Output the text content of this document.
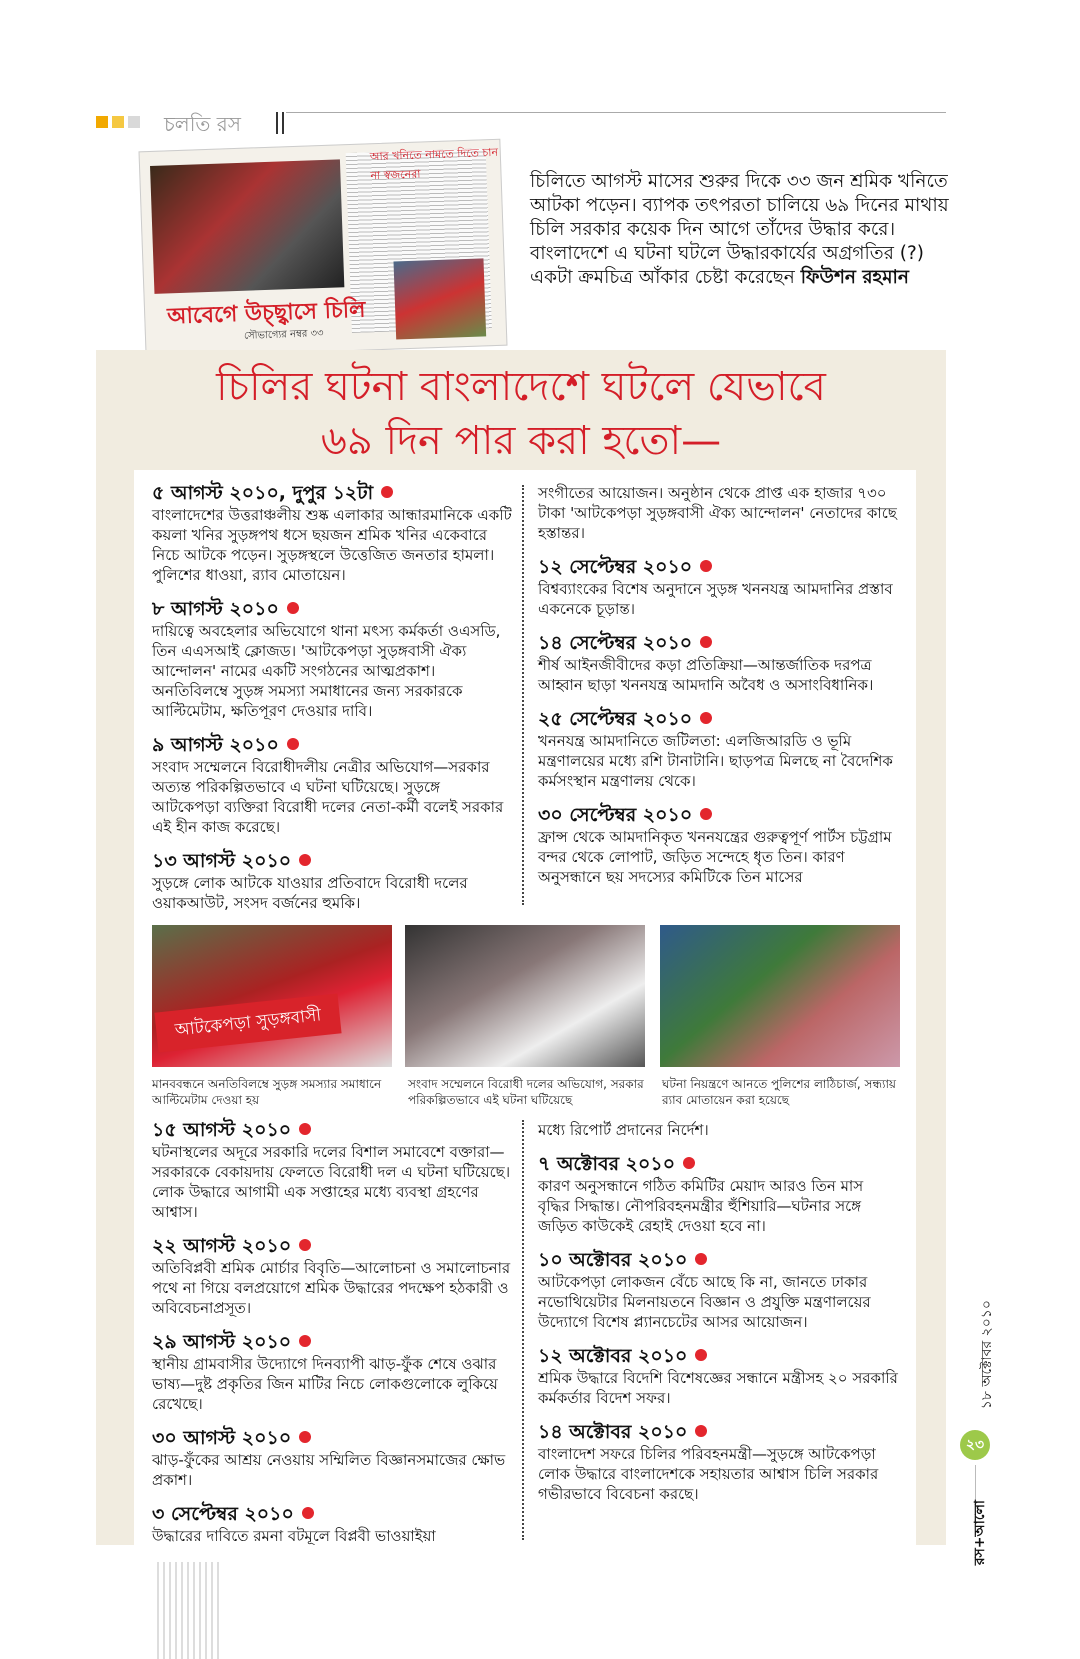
চলতি রস
আর খনিতে নামতে দিতে চান না স্বজনেরা
আবেগে উচ্ছ্বাসে চিলি
সৌভাগ্যের নম্বর ৩৩
চিলিতে আগস্ট মাসের শুরুর দিকে ৩৩ জন শ্রমিক খনিতে আটকা পড়েন। ব্যাপক তৎপরতা চালিয়ে ৬৯ দিনের মাথায় চিলি সরকার কয়েক দিন আগে তাঁদের উদ্ধার করে। বাংলাদেশে এ ঘটনা ঘটলে উদ্ধারকার্যের অগ্রগতির (?) একটা ক্রমচিত্র আঁকার চেষ্টা করেছেন ফিউশন রহমান
চিলির ঘটনা বাংলাদেশে ঘটলে যেভাবে
৬৯ দিন পার করা হতো—
৫ আগস্ট ২০১০, দুপুর ১২টা
বাংলাদেশের উত্তরাঞ্চলীয় শুষ্ক এলাকার আন্ধারমানিকে একটি কয়লা খনির সুড়ঙ্গপথ ধসে ছয়জন শ্রমিক খনির একেবারে নিচে আটকে পড়েন। সুড়ঙ্গস্থলে উত্তেজিত জনতার হামলা। পুলিশের ধাওয়া, র‌্যাব মোতায়েন।
৮ আগস্ট ২০১০
দায়িত্বে অবহেলার অভিযোগে থানা মৎস্য কর্মকর্তা ওএসডি, তিন এএসআই ক্লোজড। 'আটকেপড়া সুড়ঙ্গবাসী ঐক্য আন্দোলন' নামের একটি সংগঠনের আত্মপ্রকাশ। অনতিবিলম্বে সুড়ঙ্গ সমস্যা সমাধানের জন্য সরকারকে আল্টিমেটাম, ক্ষতিপূরণ দেওয়ার দাবি।
৯ আগস্ট ২০১০
সংবাদ সম্মেলনে বিরোধীদলীয় নেত্রীর অভিযোগ—সরকার অত্যন্ত পরিকল্পিতভাবে এ ঘটনা ঘটিয়েছে। সুড়ঙ্গে আটকেপড়া ব্যক্তিরা বিরোধী দলের নেতা-কর্মী বলেই সরকার এই হীন কাজ করেছে।
১৩ আগস্ট ২০১০
সুড়ঙ্গে লোক আটকে যাওয়ার প্রতিবাদে বিরোধী দলের ওয়াকআউট, সংসদ বর্জনের হুমকি।
সংগীতের আয়োজন। অনুষ্ঠান থেকে প্রাপ্ত এক হাজার ৭৩০ টাকা 'আটকেপড়া সুড়ঙ্গবাসী ঐক্য আন্দোলন' নেতাদের কাছে হস্তান্তর।
১২ সেপ্টেম্বর ২০১০
বিশ্বব্যাংকের বিশেষ অনুদানে সুড়ঙ্গ খননযন্ত্র আমদানির প্রস্তাব একনেকে চূড়ান্ত।
১৪ সেপ্টেম্বর ২০১০
শীর্ষ আইনজীবীদের কড়া প্রতিক্রিয়া—আন্তর্জাতিক দরপত্র আহ্বান ছাড়া খননযন্ত্র আমদানি অবৈধ ও অসাংবিধানিক।
২৫ সেপ্টেম্বর ২০১০
খননযন্ত্র আমদানিতে জটিলতা: এলজিআরডি ও ভূমি মন্ত্রণালয়ের মধ্যে রশি টানাটানি। ছাড়পত্র মিলছে না বৈদেশিক কর্মসংস্থান মন্ত্রণালয় থেকে।
৩০ সেপ্টেম্বর ২০১০
ফ্রান্স থেকে আমদানিকৃত খননযন্ত্রের গুরুত্বপূর্ণ পার্টস চট্টগ্রাম বন্দর থেকে লোপাট, জড়িত সন্দেহে ধৃত তিন। কারণ অনুসন্ধানে ছয় সদস্যের কমিটিকে তিন মাসের
আটকেপড়া সুড়ঙ্গবাসী
মানববন্ধনে অনতিবিলম্বে সুড়ঙ্গ সমস্যার সমাধানে আল্টিমেটাম দেওয়া হয়
সংবাদ সম্মেলনে বিরোধী দলের অভিযোগ, সরকার পরিকল্পিতভাবে এই ঘটনা ঘটিয়েছে
ঘটনা নিয়ন্ত্রণে আনতে পুলিশের লাঠিচার্জ, সন্ধ্যায় র‌্যাব মোতায়েন করা হয়েছে
১৫ আগস্ট ২০১০
ঘটনাস্থলের অদূরে সরকারি দলের বিশাল সমাবেশে বক্তারা—সরকারকে বেকায়দায় ফেলতে বিরোধী দল এ ঘটনা ঘটিয়েছে। লোক উদ্ধারে আগামী এক সপ্তাহের মধ্যে ব্যবস্থা গ্রহণের আশ্বাস।
২২ আগস্ট ২০১০
অতিবিপ্লবী শ্রমিক মোর্চার বিবৃতি—আলোচনা ও সমালোচনার পথে না গিয়ে বলপ্রয়োগে শ্রমিক উদ্ধারের পদক্ষেপ হঠকারী ও অবিবেচনাপ্রসূত।
২৯ আগস্ট ২০১০
স্থানীয় গ্রামবাসীর উদ্যোগে দিনব্যাপী ঝাড়-ফুঁক শেষে ওঝার ভাষ্য—দুষ্ট প্রকৃতির জিন মাটির নিচে লোকগুলোকে লুকিয়ে রেখেছে।
৩০ আগস্ট ২০১০
ঝাড়-ফুঁকের আশ্রয় নেওয়ায় সম্মিলিত বিজ্ঞানসমাজের ক্ষোভ প্রকাশ।
৩ সেপ্টেম্বর ২০১০
উদ্ধারের দাবিতে রমনা বটমূলে বিপ্লবী ভাওয়াইয়া
মধ্যে রিপোর্ট প্রদানের নির্দেশ।
৭ অক্টোবর ২০১০
কারণ অনুসন্ধানে গঠিত কমিটির মেয়াদ আরও তিন মাস বৃদ্ধির সিদ্ধান্ত। নৌপরিবহনমন্ত্রীর হুঁশিয়ারি—ঘটনার সঙ্গে জড়িত কাউকেই রেহাই দেওয়া হবে না।
১০ অক্টোবর ২০১০
আটকেপড়া লোকজন বেঁচে আছে কি না, জানতে ঢাকার নভোথিয়েটার মিলনায়তনে বিজ্ঞান ও প্রযুক্তি মন্ত্রণালয়ের উদ্যোগে বিশেষ প্ল্যানচেটের আসর আয়োজন।
১২ অক্টোবর ২০১০
শ্রমিক উদ্ধারে বিদেশি বিশেষজ্ঞের সন্ধানে মন্ত্রীসহ ২০ সরকারি কর্মকর্তার বিদেশ সফর।
১৪ অক্টোবর ২০১০
বাংলাদেশ সফরে চিলির পরিবহনমন্ত্রী—সুড়ঙ্গে আটকেপড়া লোক উদ্ধারে বাংলাদেশকে সহায়তার আশ্বাস চিলি সরকার গভীরভাবে বিবেচনা করছে।
১৮ অক্টোবর ২০১০
২৩
রস+আলো
